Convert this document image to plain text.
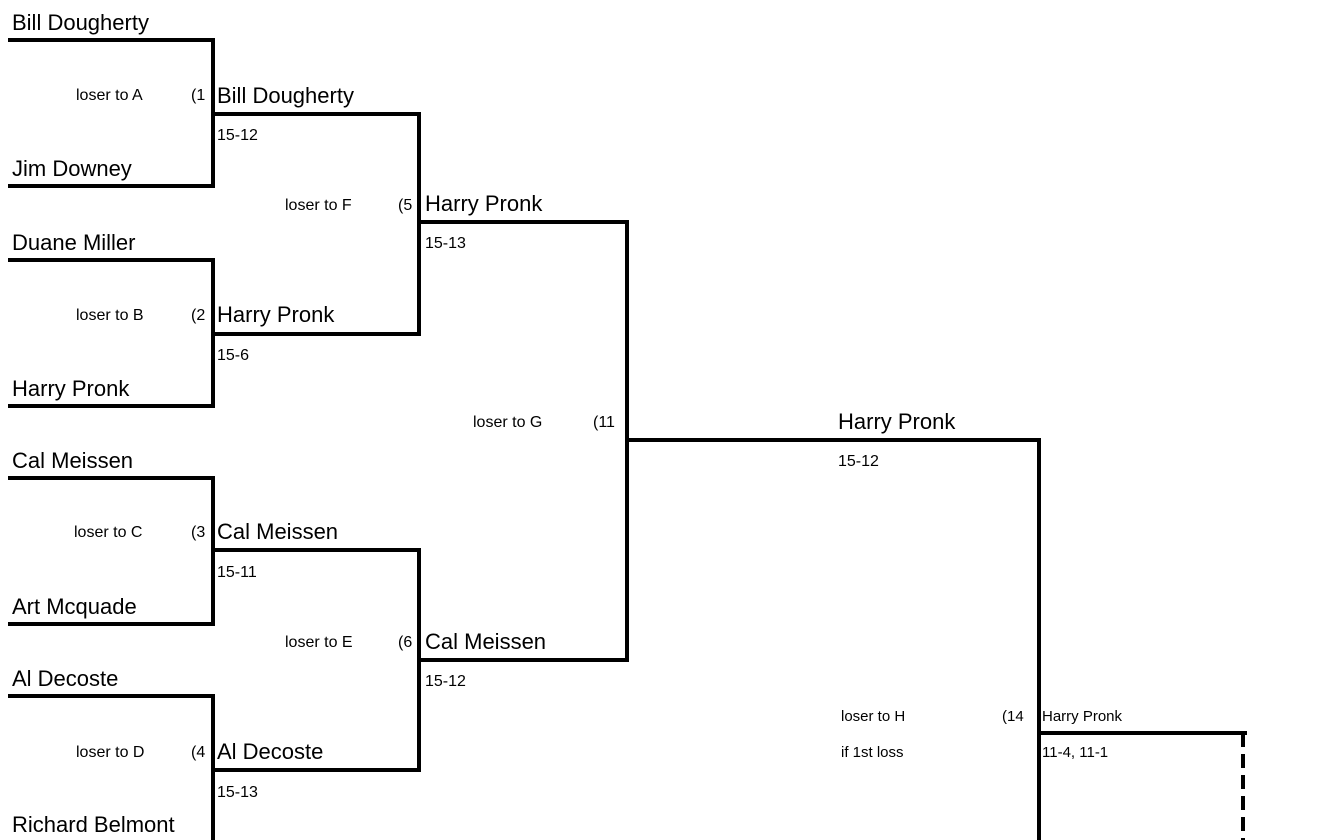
Bill Dougherty
Jim Downey
Duane Miller
Harry Pronk
Cal Meissen
Art Mcquade
Al Decoste
Richard Belmont
loser to A	(1 Bill Dougherty
15-12
loser to B	(2 Harry Pronk
15-6
loser to C	(3 Cal Meissen
15-11
loser to D	(4 Al Decoste
15-13
loser to F	(5 Harry Pronk
15-13
loser to E	(6 Cal Meissen
15-12
loser to G	(11	Harry Pronk
15-12
loser to H
if 1st loss
(14 Harry Pronk
11-4, 11-1
